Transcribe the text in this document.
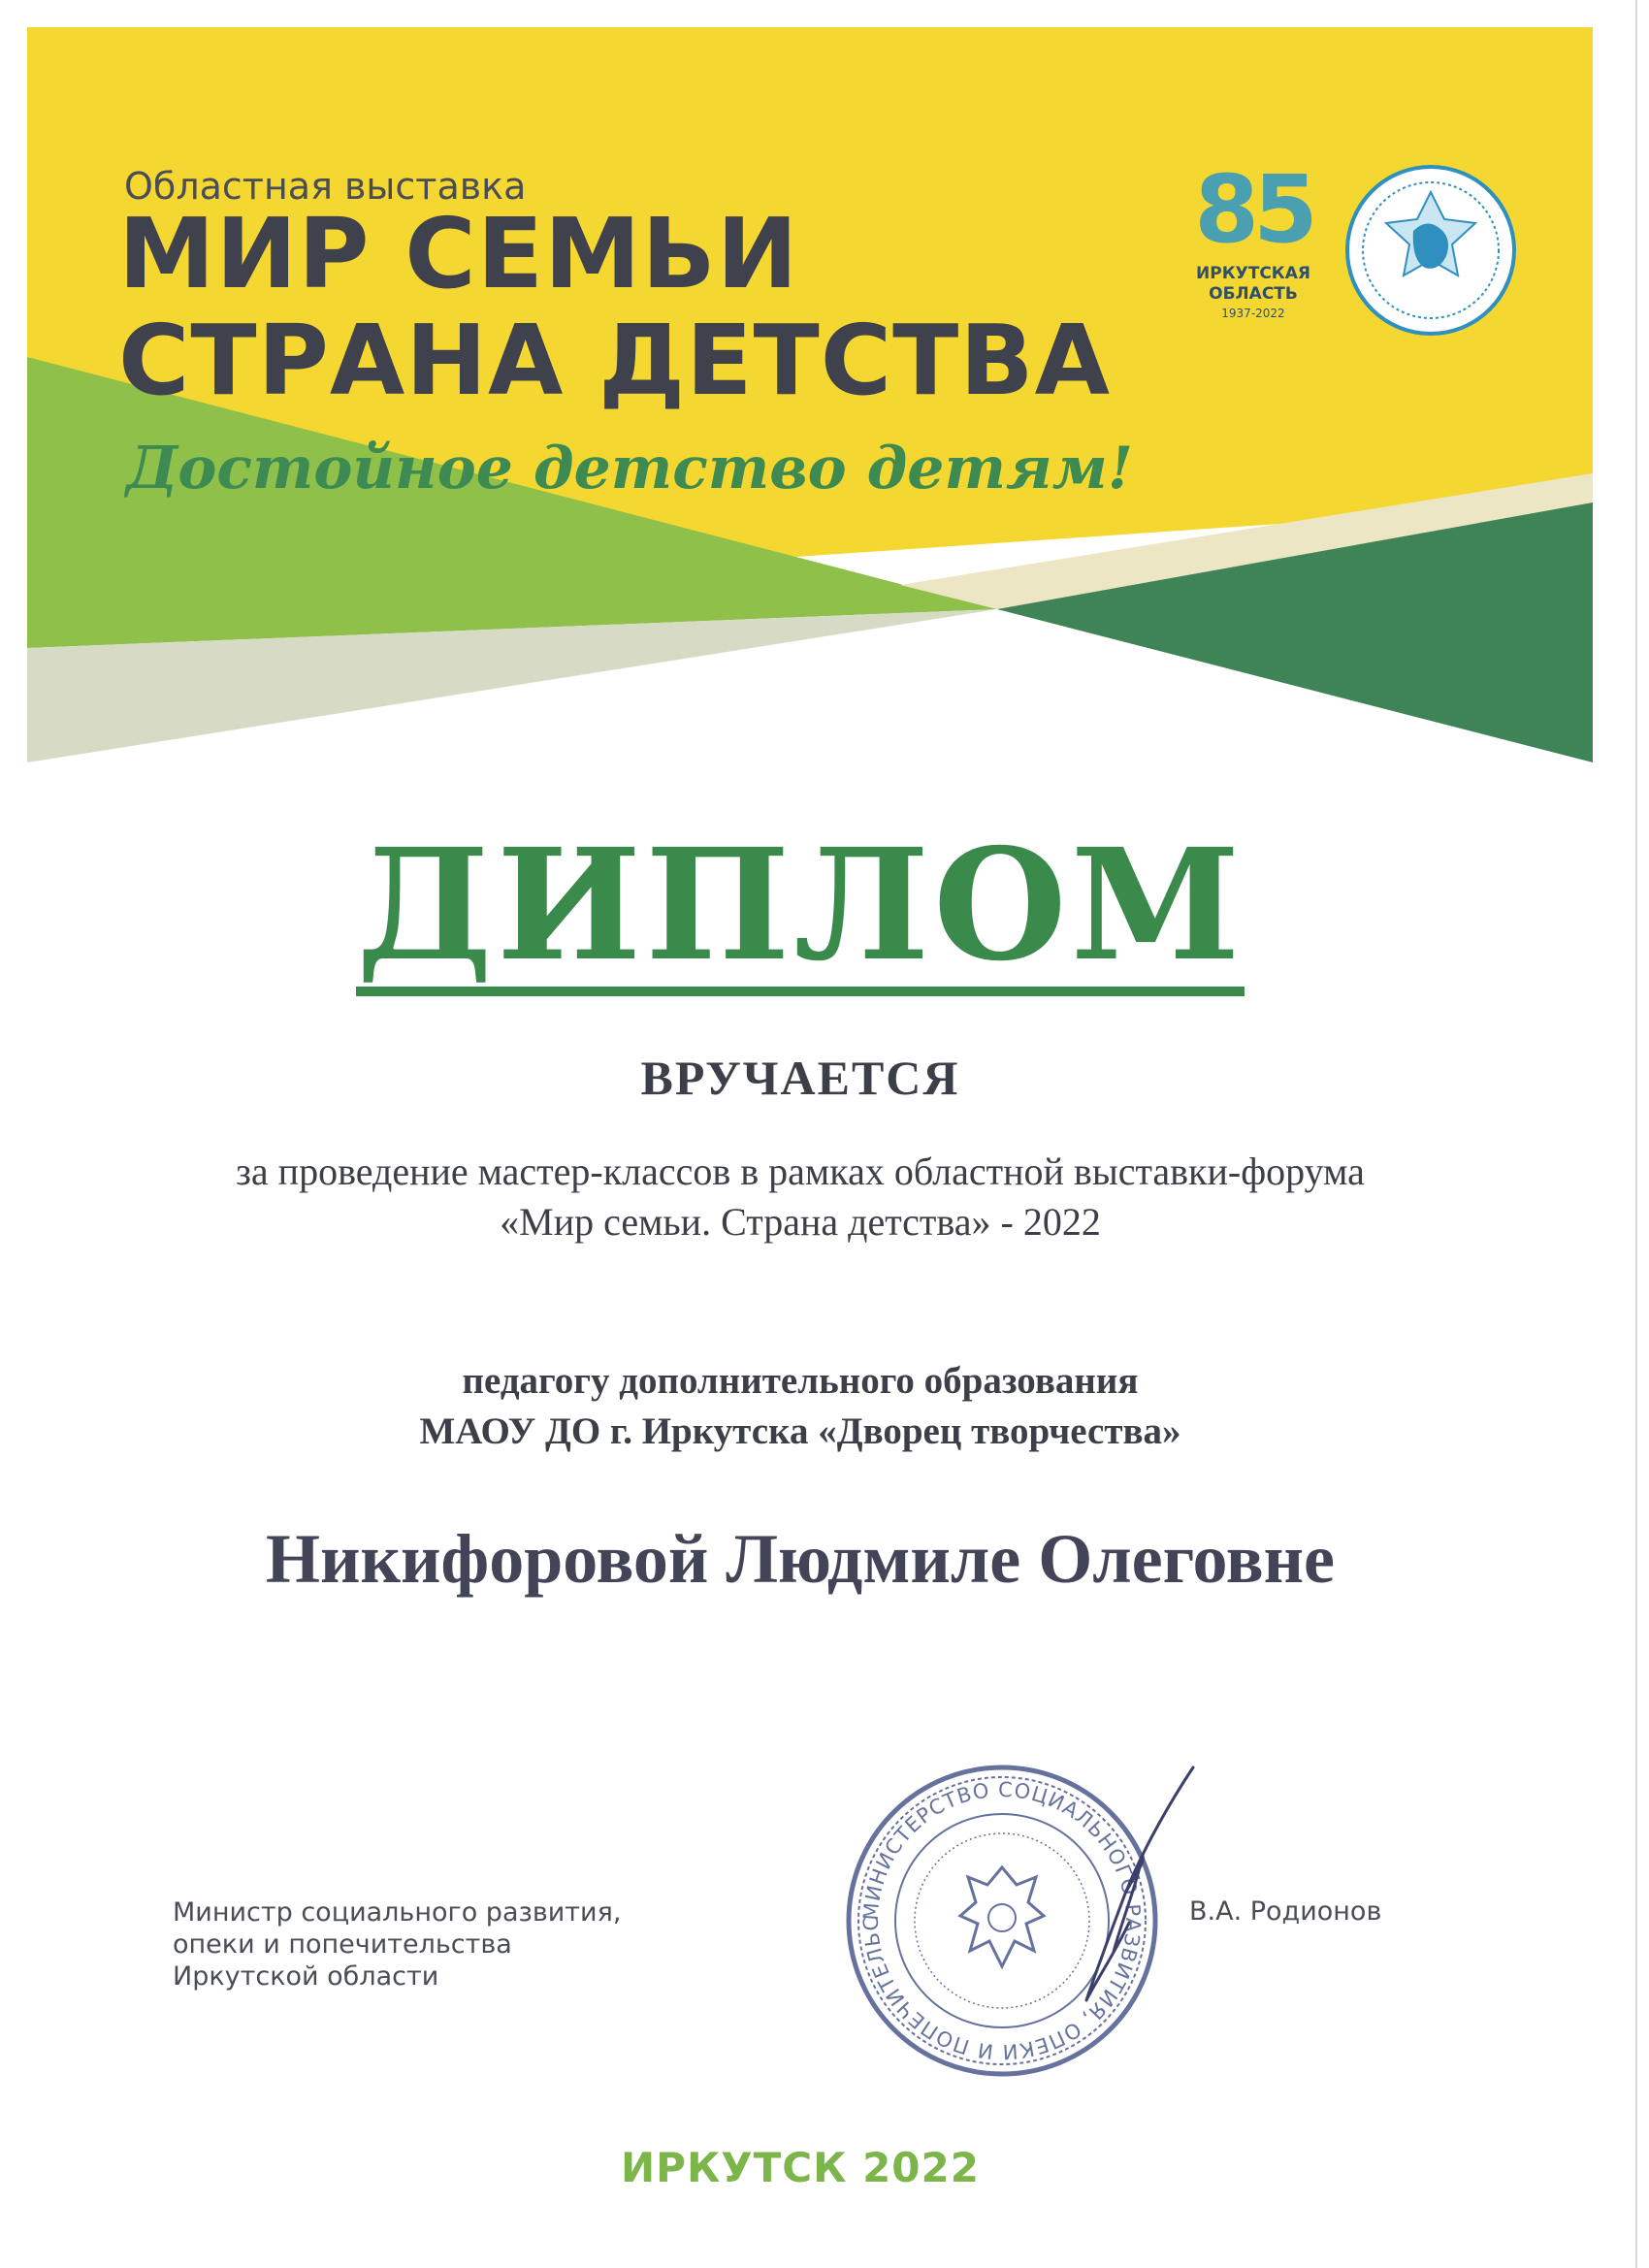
Областная выставка
МИР СЕМЬИ
СТРАНА ДЕТСТВА
Достойное детство детям!
85
ИРКУТСКАЯ
ОБЛАСТЬ
1937-2022
ДИПЛОМ
ВРУЧАЕТСЯ
за проведение мастер-классов в рамках областной выставки-форума
«Мир семьи. Страна детства» - 2022
педагогу дополнительного образования
МАОУ ДО г. Иркутска «Дворец творчества»
Никифоровой Людмиле Олеговне
Министр социального развития,
опеки и попечительства
Иркутской области
МИНИСТЕРСТВО СОЦИАЛЬНОГО РАЗВИТИЯ, ОПЕКИ И ПОПЕЧИТЕЛЬС	В.А. Родионов
ИРКУТСК 2022
